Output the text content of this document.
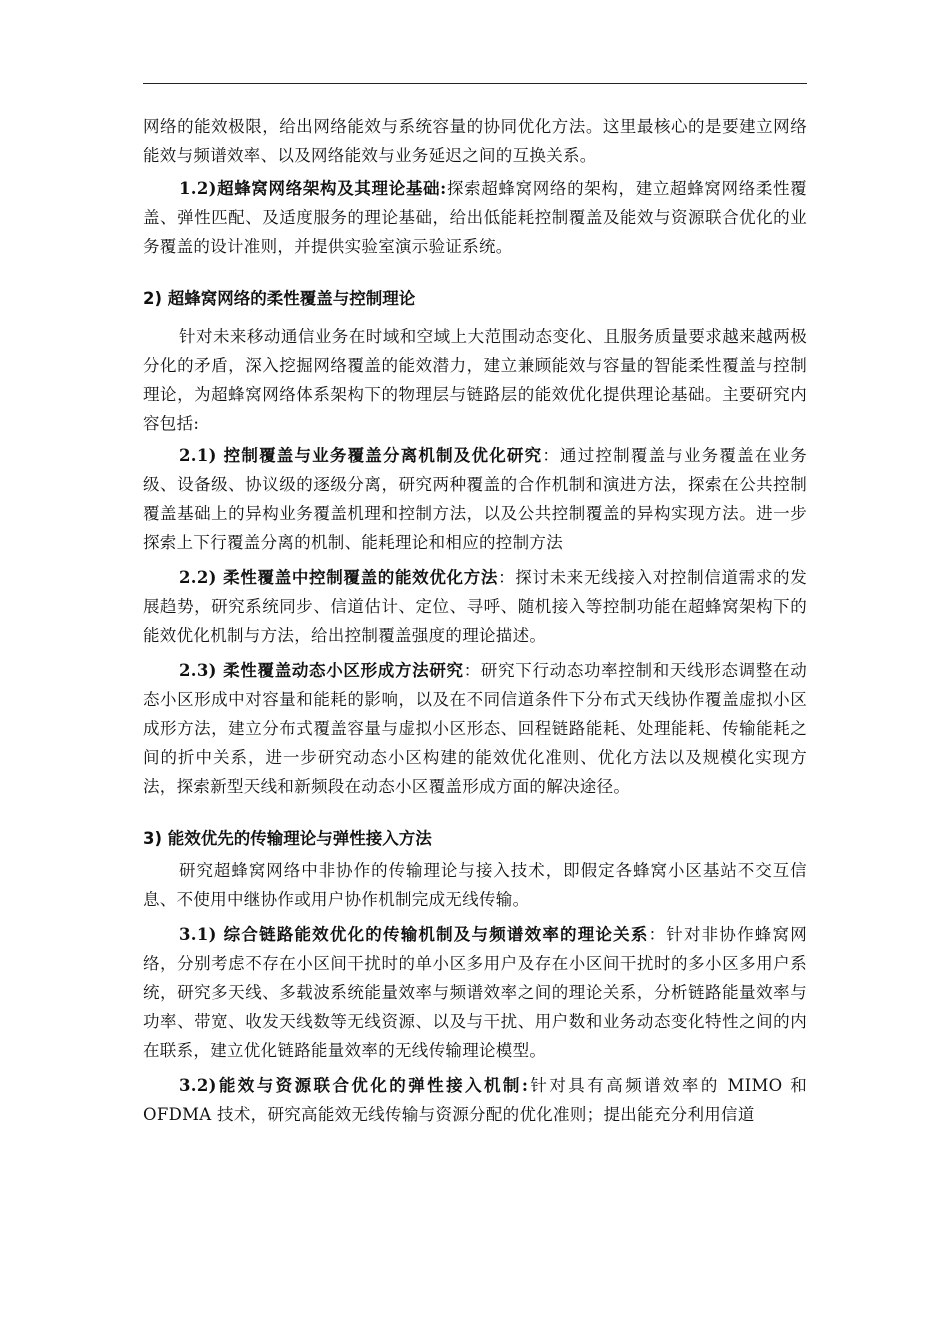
网络的能效极限，给出网络能效与系统容量的协同优化方法。这里最核心的是要建立网络能效与频谱效率、以及网络能效与业务延迟之间的互换关系。

1.2)超蜂窝网络架构及其理论基础:探索超蜂窝网络的架构，建立超蜂窝网络柔性覆盖、弹性匹配、及适度服务的理论基础，给出低能耗控制覆盖及能效与资源联合优化的业务覆盖的设计准则，并提供实验室演示验证系统。

2) 超蜂窝网络的柔性覆盖与控制理论

针对未来移动通信业务在时域和空域上大范围动态变化、且服务质量要求越来越两极分化的矛盾，深入挖掘网络覆盖的能效潜力，建立兼顾能效与容量的智能柔性覆盖与控制理论，为超蜂窝网络体系架构下的物理层与链路层的能效优化提供理论基础。主要研究内容包括:

2.1) 控制覆盖与业务覆盖分离机制及优化研究：通过控制覆盖与业务覆盖在业务级、设备级、协议级的逐级分离，研究两种覆盖的合作机制和演进方法，探索在公共控制覆盖基础上的异构业务覆盖机理和控制方法，以及公共控制覆盖的异构实现方法。进一步探索上下行覆盖分离的机制、能耗理论和相应的控制方法

2.2) 柔性覆盖中控制覆盖的能效优化方法：探讨未来无线接入对控制信道需求的发展趋势，研究系统同步、信道估计、定位、寻呼、随机接入等控制功能在超蜂窝架构下的能效优化机制与方法，给出控制覆盖强度的理论描述。

2.3) 柔性覆盖动态小区形成方法研究：研究下行动态功率控制和天线形态调整在动态小区形成中对容量和能耗的影响，以及在不同信道条件下分布式天线协作覆盖虚拟小区成形方法，建立分布式覆盖容量与虚拟小区形态、回程链路能耗、处理能耗、传输能耗之间的折中关系，进一步研究动态小区构建的能效优化准则、优化方法以及规模化实现方法，探索新型天线和新频段在动态小区覆盖形成方面的解决途径。

3) 能效优先的传输理论与弹性接入方法

研究超蜂窝网络中非协作的传输理论与接入技术，即假定各蜂窝小区基站不交互信息、不使用中继协作或用户协作机制完成无线传输。

3.1) 综合链路能效优化的传输机制及与频谱效率的理论关系：针对非协作蜂窝网络，分别考虑不存在小区间干扰时的单小区多用户及存在小区间干扰时的多小区多用户系统，研究多天线、多载波系统能量效率与频谱效率之间的理论关系，分析链路能量效率与功率、带宽、收发天线数等无线资源、以及与干扰、用户数和业务动态变化特性之间的内在联系，建立优化链路能量效率的无线传输理论模型。

3.2)能效与资源联合优化的弹性接入机制:针对具有高频谱效率的 MIMO 和 OFDMA 技术，研究高能效无线传输与资源分配的优化准则；提出能充分利用信道
